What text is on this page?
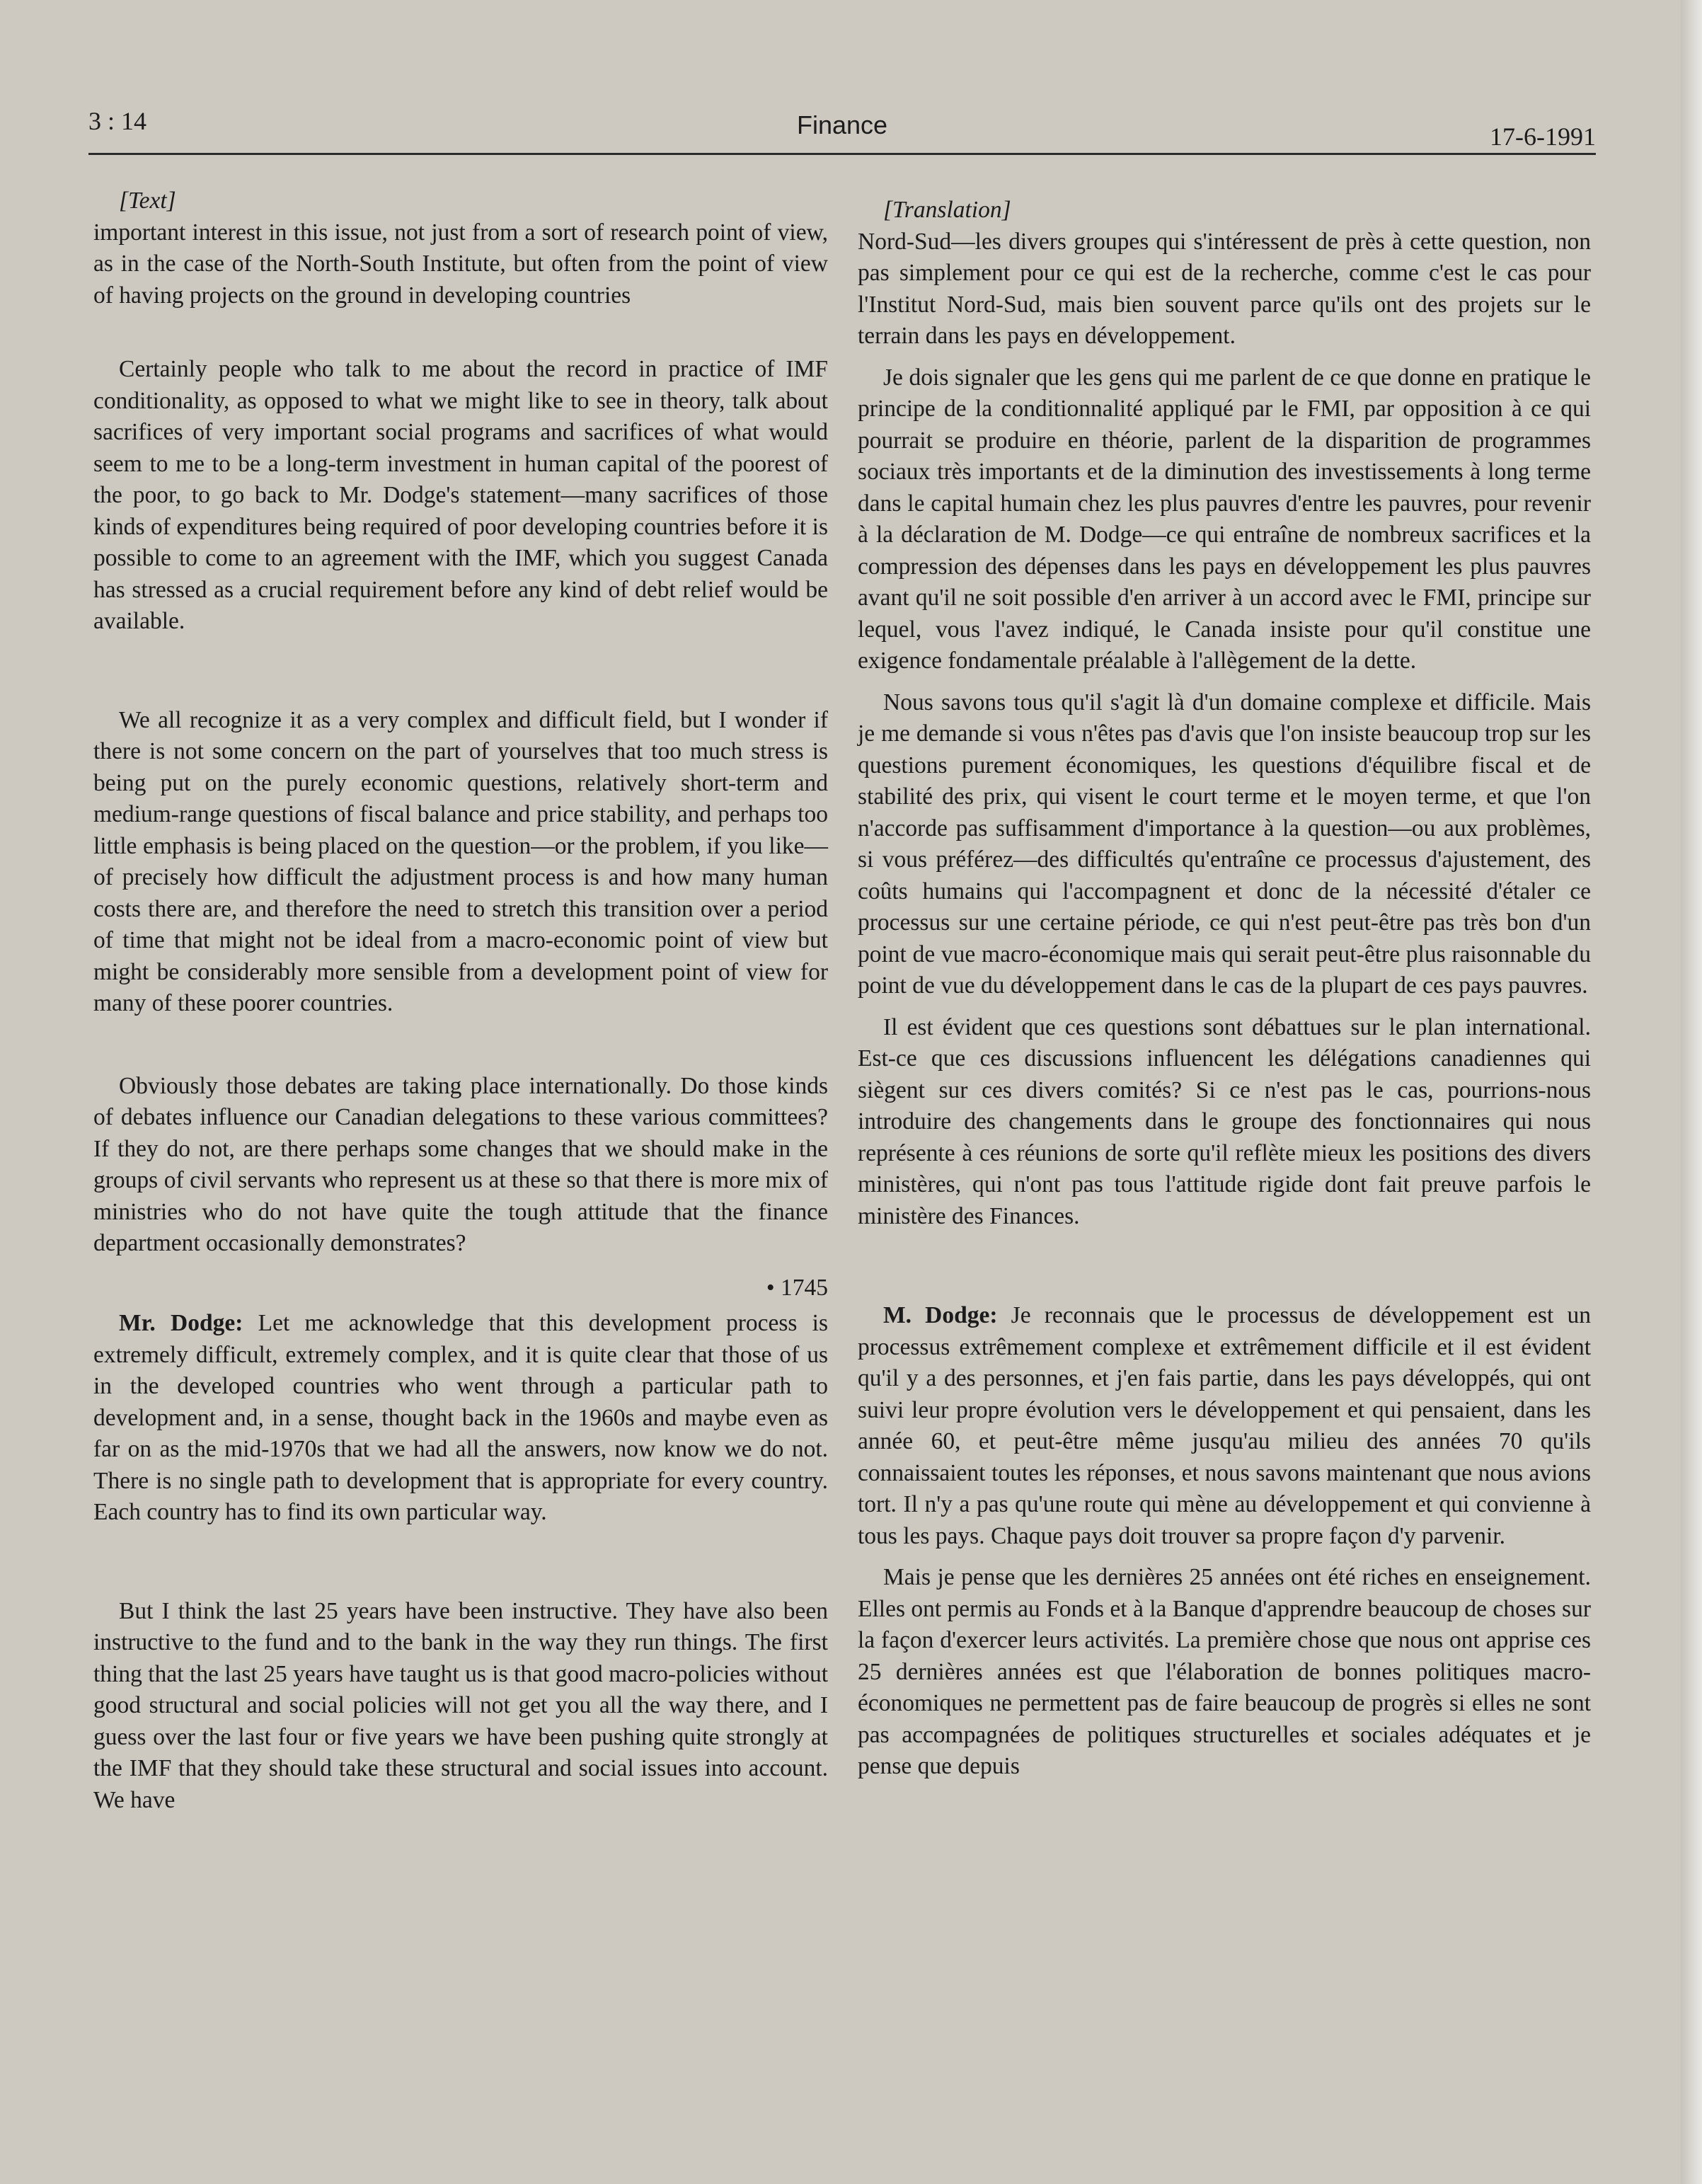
3 : 14	Finance	17-6-1991

[Text]

important interest in this issue, not just from a sort of research point of view, as in the case of the North-South Institute, but often from the point of view of having projects on the ground in developing countries

Certainly people who talk to me about the record in practice of IMF conditionality, as opposed to what we might like to see in theory, talk about sacrifices of very important social programs and sacrifices of what would seem to me to be a long-term investment in human capital of the poorest of the poor, to go back to Mr. Dodge's statement—many sacrifices of those kinds of expenditures being required of poor developing countries before it is possible to come to an agreement with the IMF, which you suggest Canada has stressed as a crucial requirement before any kind of debt relief would be available.

We all recognize it as a very complex and difficult field, but I wonder if there is not some concern on the part of yourselves that too much stress is being put on the purely economic questions, relatively short-term and medium-range questions of fiscal balance and price stability, and perhaps too little emphasis is being placed on the question—or the problem, if you like—of precisely how difficult the adjustment process is and how many human costs there are, and therefore the need to stretch this transition over a period of time that might not be ideal from a macro-economic point of view but might be considerably more sensible from a development point of view for many of these poorer countries.

Obviously those debates are taking place internationally. Do those kinds of debates influence our Canadian delegations to these various committees? If they do not, are there perhaps some changes that we should make in the groups of civil servants who represent us at these so that there is more mix of ministries who do not have quite the tough attitude that the finance department occasionally demonstrates?

• 1745

Mr. Dodge: Let me acknowledge that this development process is extremely difficult, extremely complex, and it is quite clear that those of us in the developed countries who went through a particular path to development and, in a sense, thought back in the 1960s and maybe even as far on as the mid-1970s that we had all the answers, now know we do not. There is no single path to development that is appropriate for every country. Each country has to find its own particular way.

But I think the last 25 years have been instructive. They have also been instructive to the fund and to the bank in the way they run things. The first thing that the last 25 years have taught us is that good macro-policies without good structural and social policies will not get you all the way there, and I guess over the last four or five years we have been pushing quite strongly at the IMF that they should take these structural and social issues into account. We have

[Translation]

Nord-Sud—les divers groupes qui s'intéressent de près à cette question, non pas simplement pour ce qui est de la recherche, comme c'est le cas pour l'Institut Nord-Sud, mais bien souvent parce qu'ils ont des projets sur le terrain dans les pays en développement.

Je dois signaler que les gens qui me parlent de ce que donne en pratique le principe de la conditionnalité appliqué par le FMI, par opposition à ce qui pourrait se produire en théorie, parlent de la disparition de programmes sociaux très importants et de la diminution des investissements à long terme dans le capital humain chez les plus pauvres d'entre les pauvres, pour revenir à la déclaration de M. Dodge—ce qui entraîne de nombreux sacrifices et la compression des dépenses dans les pays en développement les plus pauvres avant qu'il ne soit possible d'en arriver à un accord avec le FMI, principe sur lequel, vous l'avez indiqué, le Canada insiste pour qu'il constitue une exigence fondamentale préalable à l'allègement de la dette.

Nous savons tous qu'il s'agit là d'un domaine complexe et difficile. Mais je me demande si vous n'êtes pas d'avis que l'on insiste beaucoup trop sur les questions purement économiques, les questions d'équilibre fiscal et de stabilité des prix, qui visent le court terme et le moyen terme, et que l'on n'accorde pas suffisamment d'importance à la question—ou aux problèmes, si vous préférez—des difficultés qu'entraîne ce processus d'ajustement, des coûts humains qui l'accompagnent et donc de la nécessité d'étaler ce processus sur une certaine période, ce qui n'est peut-être pas très bon d'un point de vue macro-économique mais qui serait peut-être plus raisonnable du point de vue du développement dans le cas de la plupart de ces pays pauvres.

Il est évident que ces questions sont débattues sur le plan international. Est-ce que ces discussions influencent les délégations canadiennes qui siègent sur ces divers comités? Si ce n'est pas le cas, pourrions-nous introduire des changements dans le groupe des fonctionnaires qui nous représente à ces réunions de sorte qu'il reflète mieux les positions des divers ministères, qui n'ont pas tous l'attitude rigide dont fait preuve parfois le ministère des Finances.

M. Dodge: Je reconnais que le processus de développement est un processus extrêmement complexe et extrêmement difficile et il est évident qu'il y a des personnes, et j'en fais partie, dans les pays développés, qui ont suivi leur propre évolution vers le développement et qui pensaient, dans les année 60, et peut-être même jusqu'au milieu des années 70 qu'ils connaissaient toutes les réponses, et nous savons maintenant que nous avions tort. Il n'y a pas qu'une route qui mène au développement et qui convienne à tous les pays. Chaque pays doit trouver sa propre façon d'y parvenir.

Mais je pense que les dernières 25 années ont été riches en enseignement. Elles ont permis au Fonds et à la Banque d'apprendre beaucoup de choses sur la façon d'exercer leurs activités. La première chose que nous ont apprise ces 25 dernières années est que l'élaboration de bonnes politiques macro-économiques ne permettent pas de faire beaucoup de progrès si elles ne sont pas accompagnées de politiques structurelles et sociales adéquates et je pense que depuis
